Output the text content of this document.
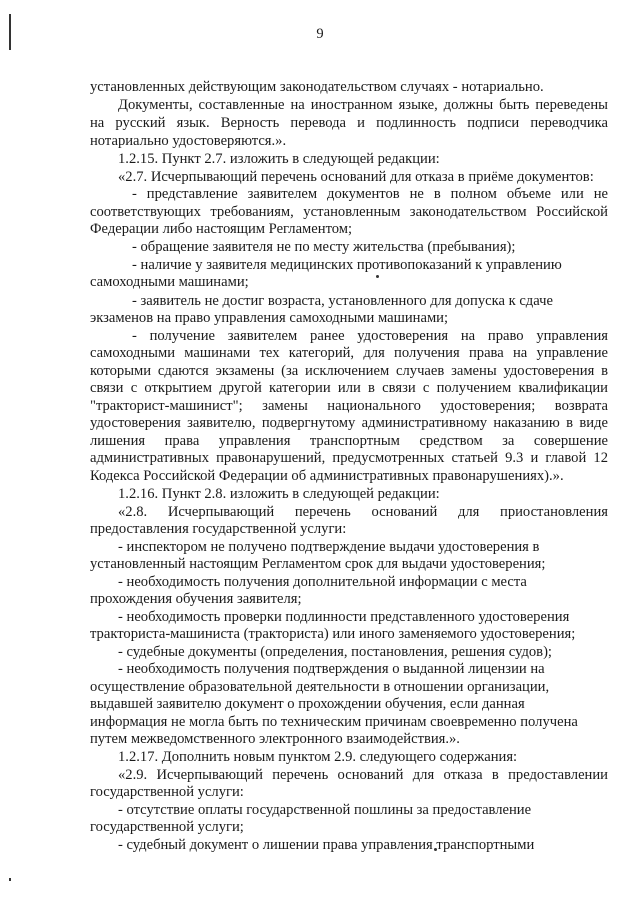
9
установленных действующим законодательством случаях - нотариально.
Документы, составленные на иностранном языке, должны быть переведены
на русский язык. Верность перевода и подлинность подписи переводчика
нотариально удостоверяются.».
1.2.15. Пункт 2.7. изложить в следующей редакции:
«2.7. Исчерпывающий перечень оснований для отказа в приёме документов:
- представление заявителем документов не в полном объеме или не
соответствующих требованиям, установленным законодательством Российской
Федерации либо настоящим Регламентом;
- обращение заявителя не по месту жительства (пребывания);
- наличие у заявителя медицинских противопоказаний к управлению
самоходными машинами;
- заявитель не достиг возраста, установленного для допуска к сдаче
экзаменов на право управления самоходными машинами;
- получение заявителем ранее удостоверения на право управления
самоходными машинами тех категорий, для получения права на управление
которыми сдаются экзамены (за исключением случаев замены удостоверения в
связи с открытием другой категории или в связи с получением квалификации
"тракторист-машинист"; замены национального удостоверения; возврата
удостоверения заявителю, подвергнутому административному наказанию в виде
лишения права управления транспортным средством за совершение
административных правонарушений, предусмотренных статьей 9.3 и главой 12
Кодекса Российской Федерации об административных правонарушениях).».
1.2.16. Пункт 2.8. изложить в следующей редакции:
«2.8. Исчерпывающий перечень оснований для приостановления
предоставления государственной услуги:
- инспектором не получено подтверждение выдачи удостоверения в
установленный настоящим Регламентом срок для выдачи удостоверения;
- необходимость получения дополнительной информации с места
прохождения обучения заявителя;
- необходимость проверки подлинности представленного удостоверения
тракториста-машиниста (тракториста) или иного заменяемого удостоверения;
- судебные документы (определения, постановления, решения судов);
- необходимость получения подтверждения о выданной лицензии на
осуществление образовательной деятельности в отношении организации,
выдавшей заявителю документ о прохождении обучения, если данная
информация не могла быть по техническим причинам своевременно получена
путем межведомственного электронного взаимодействия.».
1.2.17. Дополнить новым пунктом 2.9. следующего содержания:
«2.9. Исчерпывающий перечень оснований для отказа в предоставлении
государственной услуги:
- отсутствие оплаты государственной пошлины за предоставление
государственной услуги;
- судебный документ о лишении права управления транспортными
